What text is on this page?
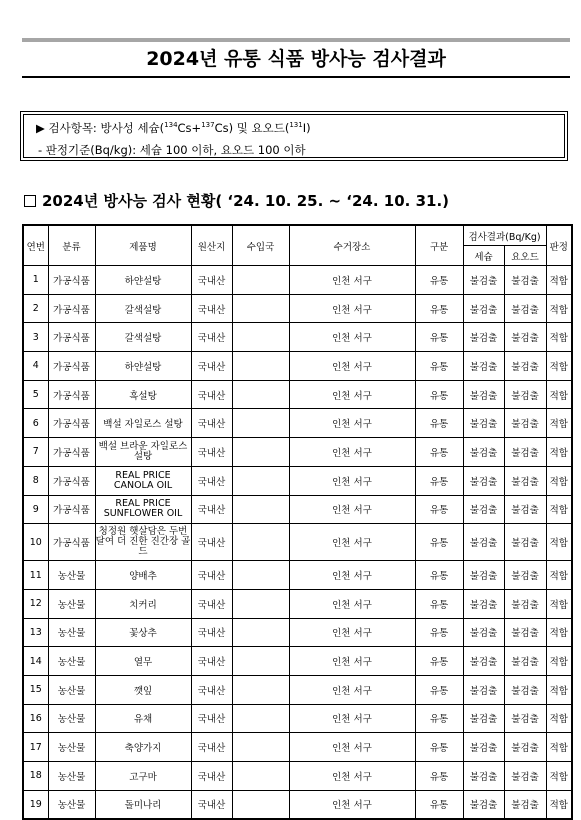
2024년 유통 식품 방사능 검사결과
▶ 검사항목: 방사성 세슘($^{134}$Cs+$^{137}$Cs) 및 요오드($^{131}$I)
- 판정기준(Bq/kg): 세슘 100 이하, 요오드 100 이하
2024년 방사능 검사 현황( ‘24. 10. 25. ~ ‘24. 10. 31.)
연번	분류	제품명	원산지	수입국	수거장소	구분	검사결과(Bq/Kg)		판정
							세슘	요오드	
1	가공식품	하얀설탕	국내산		인천 서구	유통	불검출	불검출	적합
2	가공식품	갈색설탕	국내산		인천 서구	유통	불검출	불검출	적합
3	가공식품	갈색설탕	국내산		인천 서구	유통	불검출	불검출	적합
4	가공식품	하얀설탕	국내산		인천 서구	유통	불검출	불검출	적합
5	가공식품	흑설탕	국내산		인천 서구	유통	불검출	불검출	적합
6	가공식품	백설 자일로스 설탕	국내산		인천 서구	유통	불검출	불검출	적합
7	가공식품	백설 브라운 자일로스 설탕	국내산		인천 서구	유통	불검출	불검출	적합
8	가공식품	REAL PRICE CANOLA OIL	국내산		인천 서구	유통	불검출	불검출	적합
9	가공식품	REAL PRICE SUNFLOWER OIL	국내산		인천 서구	유통	불검출	불검출	적합
10	가공식품	청정원 햇살담은 두번달여 더 진한 진간장 골드	국내산		인천 서구	유통	불검출	불검출	적합
11	농산물	양배추	국내산		인천 서구	유통	불검출	불검출	적합
12	농산물	치커리	국내산		인천 서구	유통	불검출	불검출	적합
13	농산물	꽃상추	국내산		인천 서구	유통	불검출	불검출	적합
14	농산물	열무	국내산		인천 서구	유통	불검출	불검출	적합
15	농산물	깻잎	국내산		인천 서구	유통	불검출	불검출	적합
16	농산물	유채	국내산		인천 서구	유통	불검출	불검출	적합
17	농산물	축양가지	국내산		인천 서구	유통	불검출	불검출	적합
18	농산물	고구마	국내산		인천 서구	유통	불검출	불검출	적합
19	농산물	돌미나리	국내산		인천 서구	유통	불검출	불검출	적합
